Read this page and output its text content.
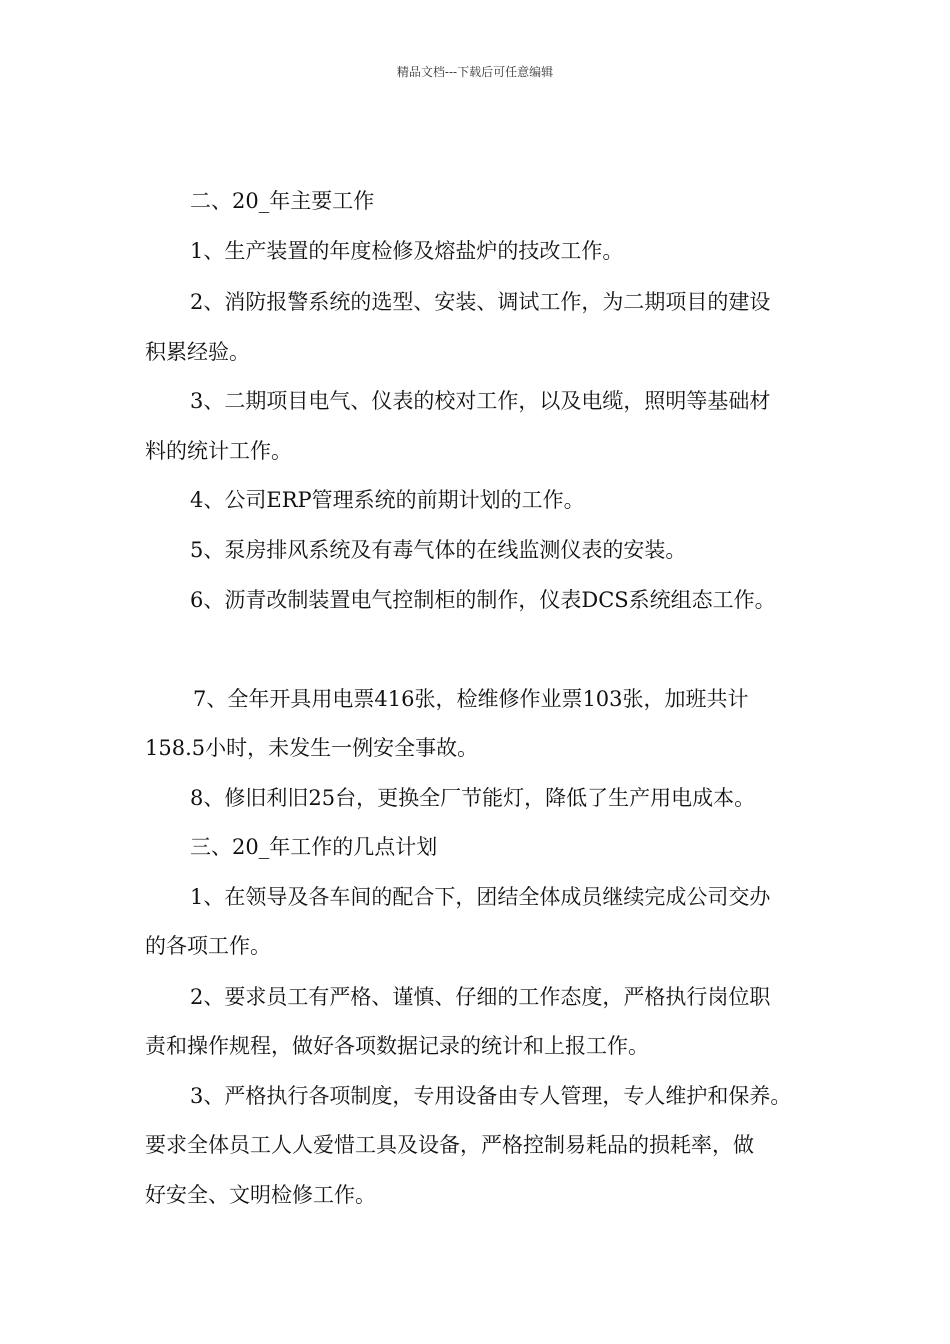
精品文档---下载后可任意编辑
二、20_年主要工作
1、生产装置的年度检修及熔盐炉的技改工作。
2、消防报警系统的选型、安装、调试工作，为二期项目的建设
积累经验。
3、二期项目电气、仪表的校对工作，以及电缆，照明等基础材
料的统计工作。
4、公司ERP管理系统的前期计划的工作。
5、泵房排风系统及有毒气体的在线监测仪表的安装。
6、沥青改制装置电气控制柜的制作，仪表DCS系统组态工作。
7、全年开具用电票416张，检维修作业票103张，加班共计
158.5小时，未发生一例安全事故。
8、修旧利旧25台，更换全厂节能灯，降低了生产用电成本。
三、20_年工作的几点计划
1、在领导及各车间的配合下，团结全体成员继续完成公司交办
的各项工作。
2、要求员工有严格、谨慎、仔细的工作态度，严格执行岗位职
责和操作规程，做好各项数据记录的统计和上报工作。
3、严格执行各项制度，专用设备由专人管理，专人维护和保养。
要求全体员工人人爱惜工具及设备，严格控制易耗品的损耗率，做
好安全、文明检修工作。
